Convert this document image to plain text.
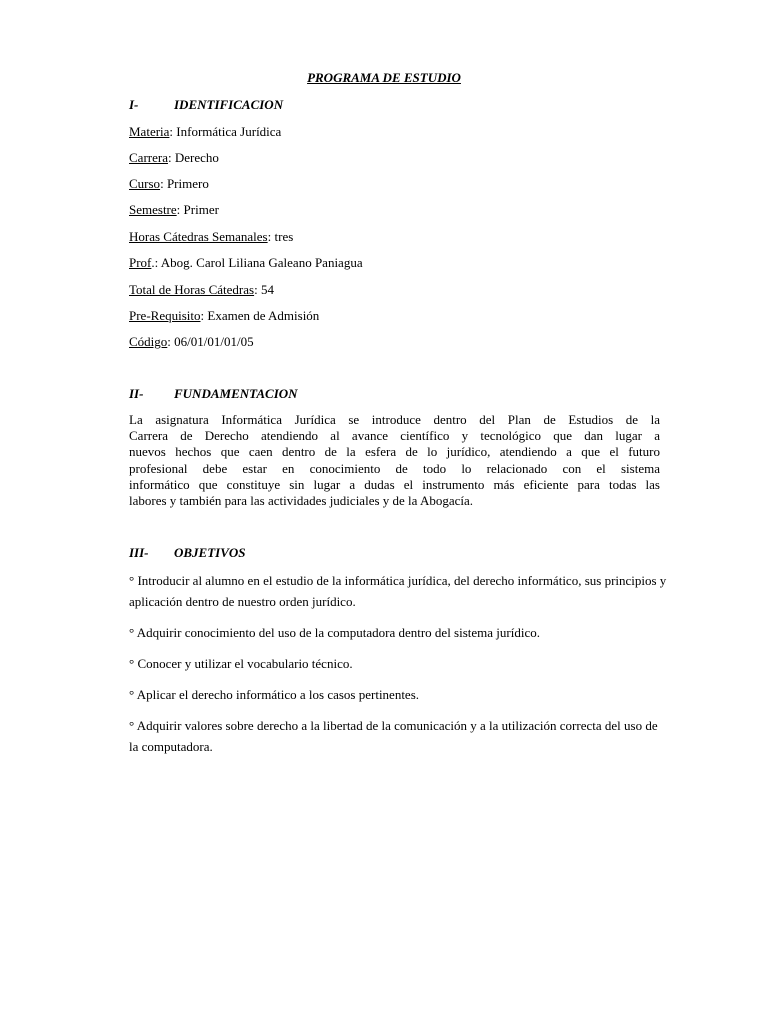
PROGRAMA DE ESTUDIO
I-	IDENTIFICACION
Materia: Informática Jurídica
Carrera: Derecho
Curso: Primero
Semestre: Primer
Horas Cátedras Semanales: tres
Prof.: Abog. Carol Liliana Galeano Paniagua
Total de Horas Cátedras: 54
Pre-Requisito: Examen de Admisión
Código: 06/01/01/01/05
II- FUNDAMENTACION
La asignatura Informática Jurídica se introduce dentro del Plan de Estudios de la
Carrera de Derecho atendiendo al avance científico y tecnológico que dan lugar a
nuevos hechos que caen dentro de la esfera de lo jurídico, atendiendo a que el futuro
profesional debe estar en conocimiento de todo lo relacionado con el sistema
informático que constituye sin lugar a dudas el instrumento más eficiente para todas las
labores y también para las actividades judiciales y de la Abogacía.
III- OBJETIVOS
° Introducir al alumno en el estudio de la informática jurídica, del derecho informático, sus principios y aplicación dentro de nuestro orden jurídico.
° Adquirir conocimiento del uso de la computadora dentro del sistema jurídico.
° Conocer y utilizar el vocabulario técnico.
° Aplicar el derecho informático a los casos pertinentes.
° Adquirir valores sobre derecho a la libertad de la comunicación y a la utilización correcta del uso de la computadora.
